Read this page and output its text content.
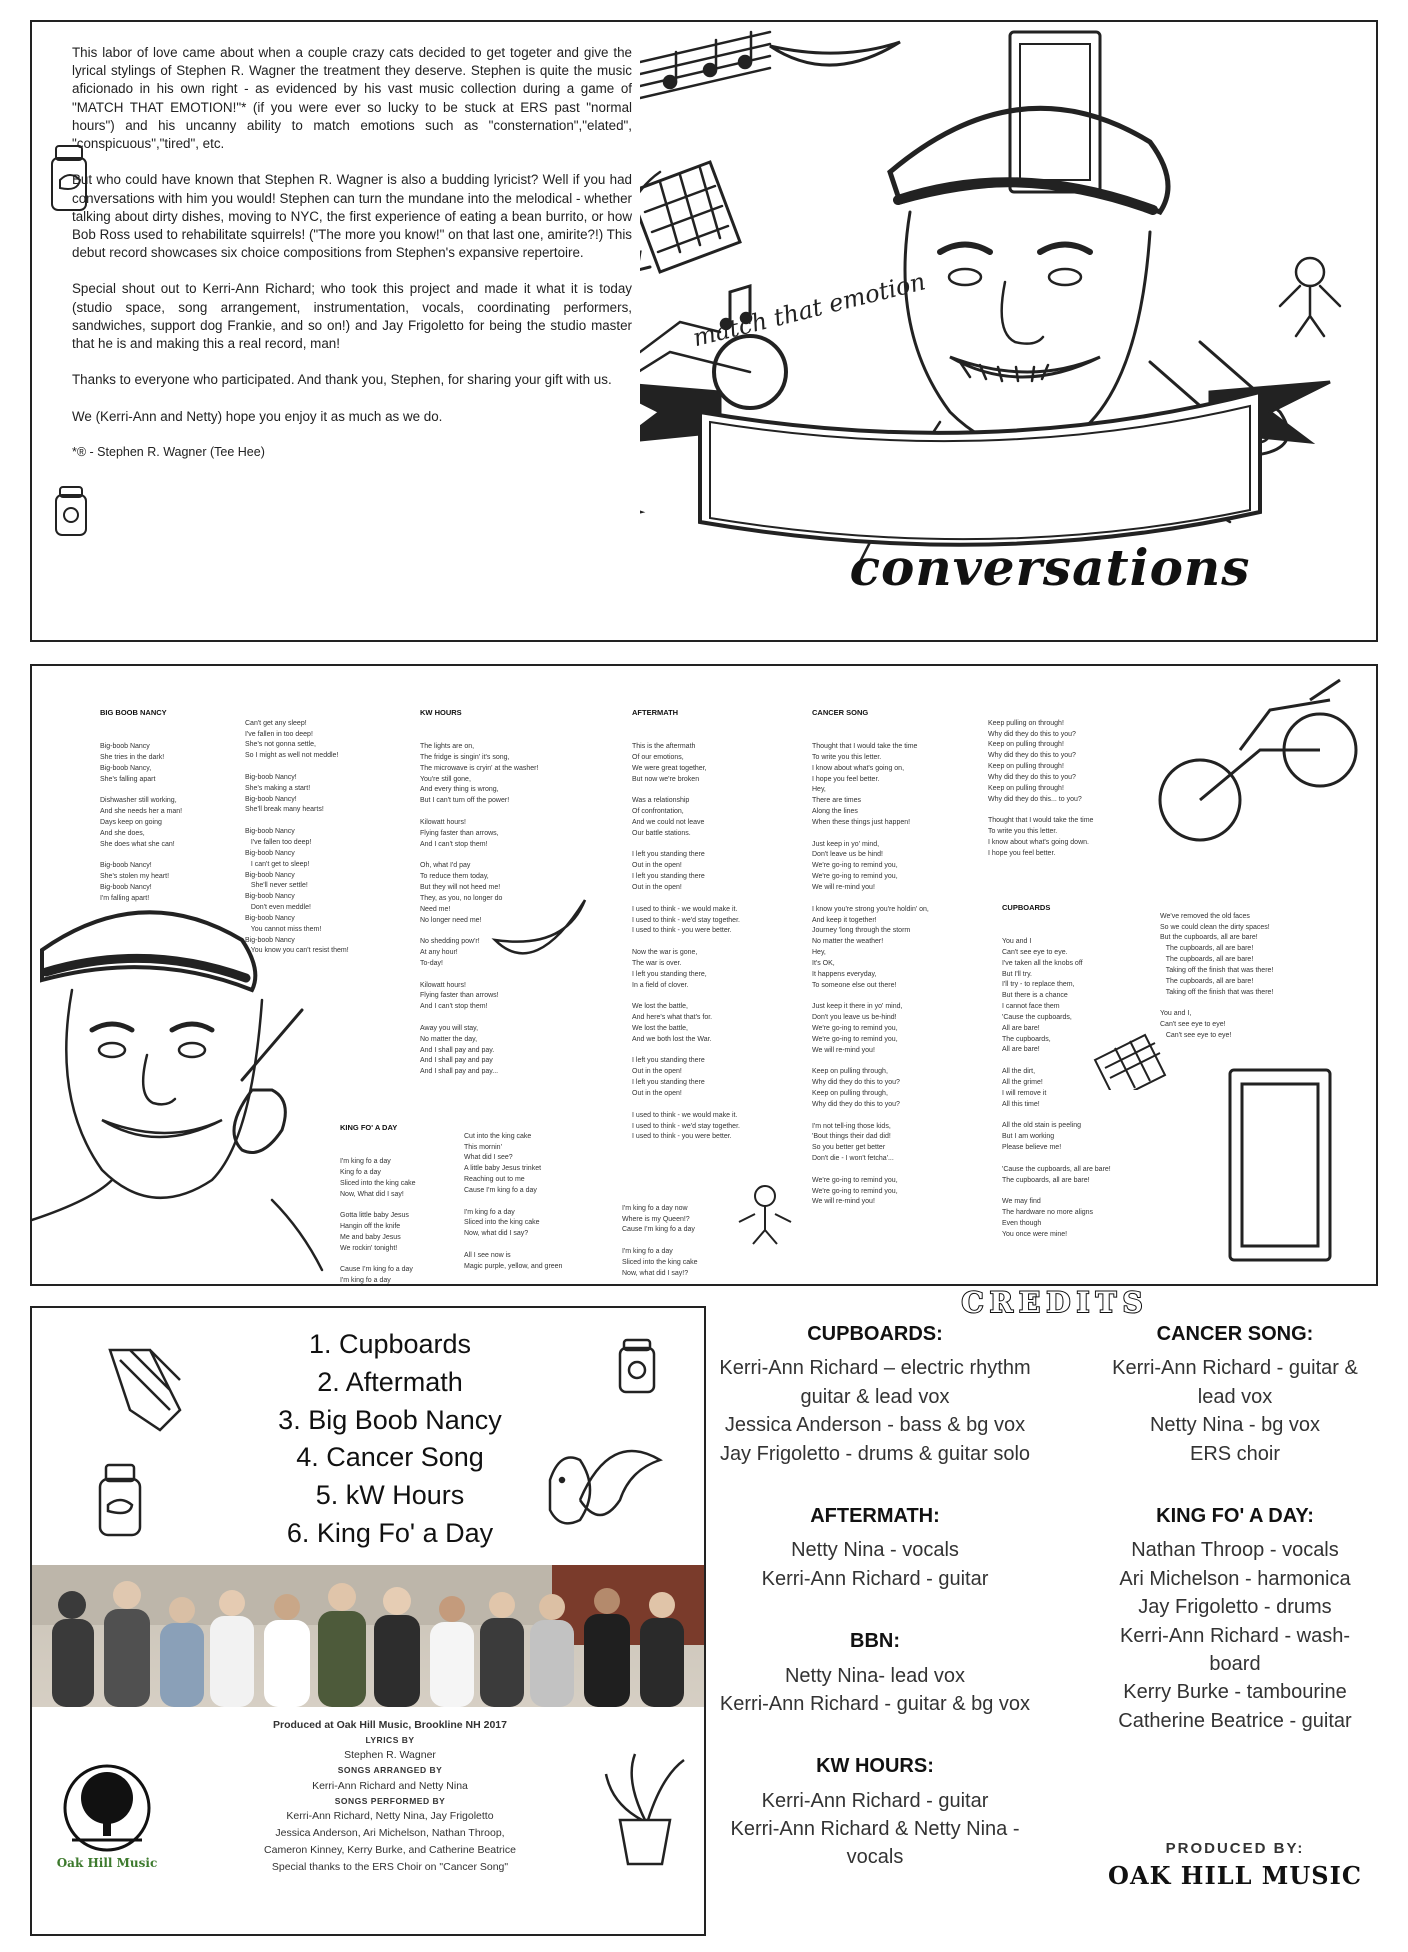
This labor of love came about when a couple crazy cats decided to get togeter and give the lyrical stylings of Stephen R. Wagner the treatment they deserve. Stephen is quite the music aficionado in his own right - as evidenced by his vast music collection during a game of "MATCH THAT EMOTION!"* (if you were ever so lucky to be stuck at ERS past "normal hours") and his uncanny ability to match emotions such as "consternation","elated", "conspicuous","tired", etc.

But who could have known that Stephen R. Wagner is also a budding lyricist? Well if you had conversations with him you would! Stephen can turn the mundane into the melodical - whether talking about dirty dishes, moving to NYC, the first experience of eating a bean burrito, or how Bob Ross used to rehabilitate squirrels! ("The more you know!" on that last one, amirite?!) This debut record showcases six choice compositions from Stephen's expansive repertoire.

Special shout out to Kerri-Ann Richard; who took this project and made it what it is today (studio space, song arrangement, instrumentation, vocals, coordinating performers, sandwiches, support dog Frankie, and so on!) and Jay Frigoletto for being the studio master that he is and making this a real record, man!

Thanks to everyone who participated. And thank you, Stephen, for sharing your gift with us.

We (Kerri-Ann and Netty) hope you enjoy it as much as we do.

*® - Stephen R. Wagner (Tee Hee)

match that emotion
conversations

BIG BOOB NANCY

Big-boob Nancy
She tries in the dark!
Big-boob Nancy,
She's falling apart

Dishwasher still working,
And she needs her a man!
Days keep on going
And she does,
She does what she can!

Big-boob Nancy!
She's stolen my heart!
Big-boob Nancy!
I'm falling apart!

Can't get any sleep!
I've fallen in too deep!
She's not gonna settle,
So I might as well not meddle!

Big-boob Nancy!
She's making a start!
Big-boob Nancy!
She'll break many hearts!

Big-boob Nancy
I've fallen too deep!
Big-boob Nancy
I can't get to sleep!
Big-boob Nancy
She'll never settle!
Big-boob Nancy
Don't even meddle!
Big-boob Nancy
You cannot miss them!
Big-boob Nancy
You know you can't resist them!

KW HOURS

The lights are on,
The fridge is singin' it's song,
The microwave is cryin' at the washer!
You're still gone,
And every thing is wrong,
But I can't turn off the power!

Kilowatt hours!
Flying faster than arrows,
And I can't stop them!

Oh, what I'd pay
To reduce them today,
But they will not heed me!
They, as you, no longer do
Need me!
No longer need me!

No shedding pow'r!
At any hour!
To-day!

Kilowatt hours!
Flying faster than arrows!
And I can't stop them!

Away you will stay,
No matter the day,
And I shall pay and pay.
And I shall pay and pay
And I shall pay and pay...

AFTERMATH

This is the aftermath
Of our emotions,
We were great together,
But now we're broken

Was a relationship
Of confrontation,
And we could not leave
Our battle stations.

I left you standing there
Out in the open!
I left you standing there
Out in the open!

I used to think - we would make it.
I used to think - we'd stay together.
I used to think - you were better.

Now the war is gone,
The war is over.
I left you standing there,
In a field of clover.

We lost the battle,
And here's what that's for.
We lost the battle,
And we both lost the War.

I left you standing there
Out in the open!
I left you standing there
Out in the open!

I used to think - we would make it.
I used to think - we'd stay together.
I used to think - you were better.

CANCER SONG

Thought that I would take the time
To write you this letter.
I know about what's going on,
I hope you feel better.
Hey,
There are times
Along the lines
When these things just happen!

Just keep in yo' mind,
Don't leave us be hind!
We're go-ing to remind you,
We're go-ing to remind you,
We will re-mind you!

I know you're strong you're holdin' on,
And keep it together!
Journey 'long through the storm
No matter the weather!
Hey,
It's OK,
It happens everyday,
To someone else out there!

Just keep it there in yo' mind,
Don't you leave us be-hind!
We're go-ing to remind you,
We're go-ing to remind you,
We will re-mind you!

Keep on pulling through,
Why did they do this to you?
Keep on pulling through,
Why did they do this to you?

I'm not tell-ing those kids,
'Bout things their dad did!
So you better get better
Don't die - I won't fetcha'...

We're go-ing to remind you,
We're go-ing to remind you,
We will re-mind you!

Keep pulling on through!
Why did they do this to you?
Keep on pulling through!
Why did they do this to you?
Keep on pulling through!
Why did they do this to you?
Keep on pulling through!
Why did they do this... to you?

Thought that I would take the time
To write you this letter.
I know about what's going down.
I hope you feel better.

CUPBOARDS

You and I
Can't see eye to eye.
I've taken all the knobs off
But I'll try.
I'll try - to replace them,
But there is a chance
I cannot face them
'Cause the cupboards,
All are bare!
The cupboards,
All are bare!

All the dirt,
All the grime!
I will remove it
All this time!

All the old stain is peeling
But I am working
Please believe me!

'Cause the cupboards, all are bare!
The cupboards, all are bare!

We may find
The hardware no more aligns
Even though
You once were mine!

We've removed the old faces
So we could clean the dirty spaces!
But the cupboards, all are bare!
The cupboards, all are bare!
The cupboards, all are bare!
Taking off the finish that was there!
The cupboards, all are bare!
Taking off the finish that was there!

You and I,
Can't see eye to eye!
Can't see eye to eye!

KING FO' A DAY

I'm king fo a day
King fo a day
Sliced into the king cake
Now, What did I say!

Gotta little baby Jesus
Hangin off the knife
Me and baby Jesus
We rockin' tonight!

Cause I'm king fo a day
I'm king fo a day

Cut into the king cake
This mornin'
What did I see?
A little baby Jesus trinket
Reaching out to me
Cause I'm king fo a day

I'm king fo a day
Sliced into the king cake
Now, what did I say?

All I see now is
Magic purple, yellow, and green

I'm king fo a day now
Where is my Queen!?
Cause I'm king fo a day

I'm king fo a day
Sliced into the king cake
Now, what did I say!?

1. Cupboards
2. Aftermath
3. Big Boob Nancy
4. Cancer Song
5. kW Hours
6. King Fo' a Day
Produced at Oak Hill Music, Brookline NH 2017
LYRICS BY
Stephen R. Wagner
SONGS ARRANGED BY
Kerri-Ann Richard and Netty Nina
SONGS PERFORMED BY
Kerri-Ann Richard, Netty Nina, Jay Frigoletto
Jessica Anderson, Ari Michelson, Nathan Throop,
Cameron Kinney, Kerry Burke, and Catherine Beatrice
Special thanks to the ERS Choir on "Cancer Song"
Oak Hill Music
CREDITS
CUPBOARDS:
Kerri-Ann Richard – electric rhythm
guitar & lead vox
Jessica Anderson - bass & bg vox
Jay Frigoletto - drums & guitar solo
AFTERMATH:
Netty Nina - vocals
Kerri-Ann Richard - guitar
BBN:
Netty Nina- lead vox
Kerri-Ann Richard - guitar & bg vox
KW HOURS:
Kerri-Ann Richard - guitar
Kerri-Ann Richard & Netty Nina -
vocals
CANCER SONG:
Kerri-Ann Richard - guitar &
lead vox
Netty Nina - bg vox
ERS choir
KING FO' A DAY:
Nathan Throop - vocals
Ari Michelson - harmonica
Jay Frigoletto - drums
Kerri-Ann Richard - wash-
board
Kerry Burke - tambourine
Catherine Beatrice - guitar
PRODUCED BY:
OAK HILL MUSIC
